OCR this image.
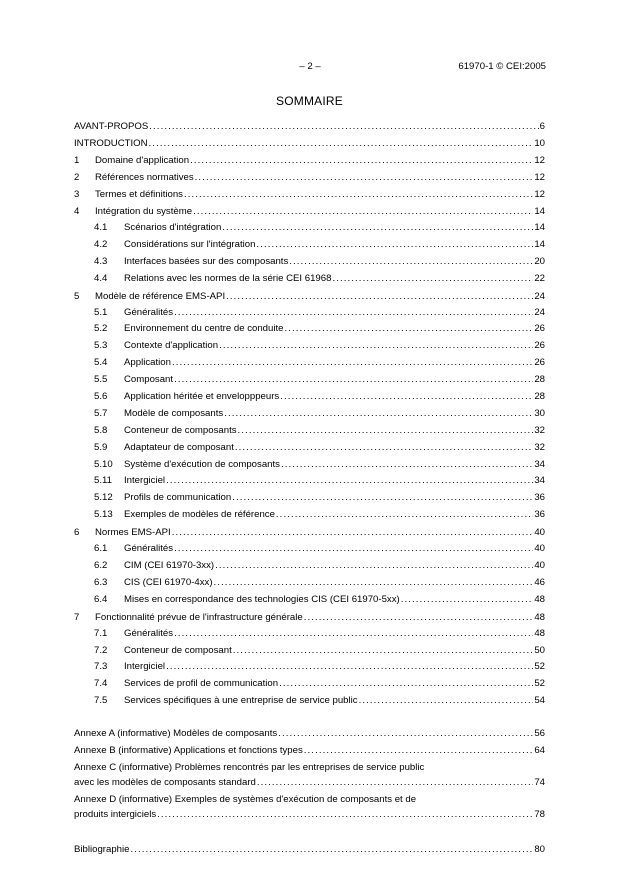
– 2 –	61970-1 © CEI:2005
SOMMAIRE
AVANT-PROPOS .....	6
INTRODUCTION .....	10
1	Domaine d'application .....	12
2	Références normatives .....	12
3	Termes et définitions .....	12
4	Intégration du système .....	14
4.1	Scénarios d'intégration .....	14
4.2	Considérations sur l'intégration .....	14
4.3	Interfaces basées sur des composants .....	20
4.4	Relations avec les normes de la série CEI 61968 .....	22
5	Modèle de référence EMS-API .....	24
5.1	Généralités .....	24
5.2	Environnement du centre de conduite .....	26
5.3	Contexte d'application .....	26
5.4	Application .....	26
5.5	Composant .....	28
5.6	Application héritée et envelopppeurs .....	28
5.7	Modèle de composants .....	30
5.8	Conteneur de composants .....	32
5.9	Adaptateur de composant .....	32
5.10	Système d'exécution de composants .....	34
5.11	Intergiciel .....	34
5.12	Profils de communication .....	36
5.13	Exemples de modèles de référence .....	36
6	Normes EMS-API .....	40
6.1	Généralités .....	40
6.2	CIM (CEI 61970-3xx) .....	40
6.3	CIS (CEI 61970-4xx) .....	46
6.4	Mises en correspondance des technologies CIS (CEI 61970-5xx) .....	48
7	Fonctionnalité prévue de l'infrastructure générale .....	48
7.1	Généralités .....	48
7.2	Conteneur de composant .....	50
7.3	Intergiciel .....	52
7.4	Services de profil de communication .....	52
7.5	Services spécifiques à une entreprise de service public .....	54
Annexe A (informative) Modèles de composants .....	56
Annexe B (informative) Applications et fonctions types .....	64
Annexe C (informative) Problèmes rencontrés par les entreprises de service public
avec les modèles de composants standard .....	74
Annexe D (informative) Exemples de systèmes d'exécution de composants et de
produits intergiciels .....	78
Bibliographie .....	80
